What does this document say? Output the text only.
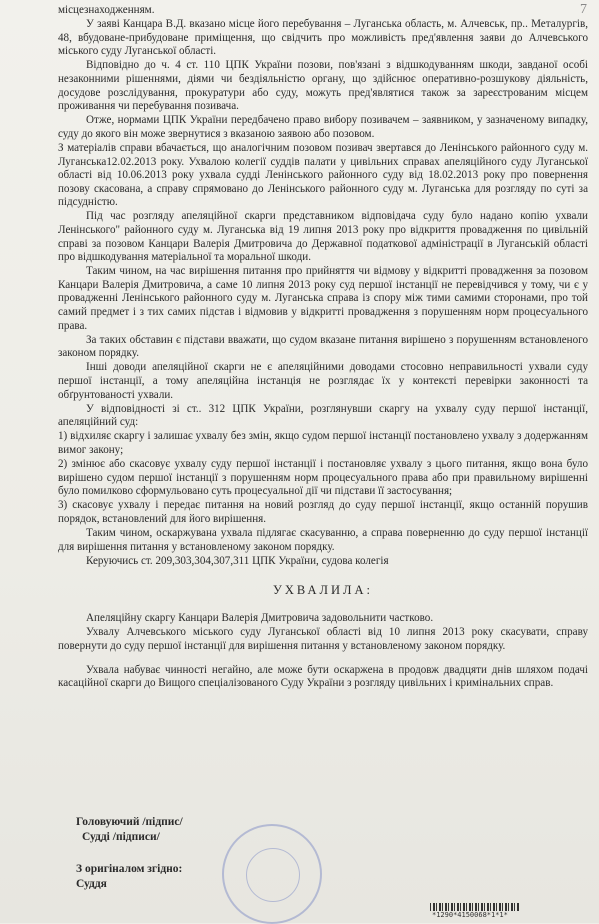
7
місцезнаходженням.
У заяві Канцара В.Д. вказано місце його перебування – Луганська область, м. Алчевськ, пр.. Металургів, 48, вбудоване-прибудоване приміщення, що свідчить про можливість пред'явлення заяви до Алчевського міського суду Луганської області.
Відповідно до ч. 4 ст. 110 ЦПК України позови, пов'язані з відшкодуванням шкоди, завданої особі незаконними рішеннями, діями чи бездіяльністю органу, що здійснює оперативно-розшукову діяльність, досудове розслідування, прокуратури або суду, можуть пред'являтися також за зареєстрованим місцем проживання чи перебування позивача.
Отже, нормами ЦПК України передбачено право вибору позивачем – заявником, у зазначеному випадку, суду до якого він може звернутися з вказаною заявою або позовом.
З матеріалів справи вбачається, що аналогічним позовом позивач звертався до Ленінського районного суду м. Луганська12.02.2013 року. Ухвалою колегії суддів палати у цивільних справах апеляційного суду Луганської області від 10.06.2013 року ухвала судді Ленінського районного суду від 18.02.2013 року про повернення позову скасована, а справу спрямовано до Ленінського районного суду м. Луганська для розгляду по суті за підсудністю.
Під час розгляду апеляційної скарги представником відповідача суду було надано копію ухвали Ленінського" районного суду м. Луганська від 19 липня 2013 року про відкриття провадження по цивільній справі за позовом Канцари Валерія Дмитровича до Державної податкової адміністрації в Луганській області про відшкодування матеріальної та моральної шкоди.
Таким чином, на час вирішення питання про прийняття чи відмову у відкритті провадження за позовом Канцари Валерія Дмитровича, а саме 10 липня 2013 року суд першої інстанції не перевідчився у тому, чи є у провадженні Ленінського районного суду м. Луганська справа із спору між тими самими сторонами, про той самий предмет і з тих самих підстав і відмовив у відкритті провадження з порушенням норм процесуального права.
За таких обставин є підстави вважати, що судом вказане питання вирішено з порушенням встановленого законом порядку.
Інші доводи апеляційної скарги не є апеляційними доводами стосовно неправильності ухвали суду першої інстанції, а тому апеляційна інстанція не розглядає їх у контексті перевірки законності та обґрунтованості ухвали.
У відповідності зі ст.. 312 ЦПК України, розглянувши скаргу на ухвалу суду першої інстанції, апеляційний суд:
1) відхиляє скаргу і залишає ухвалу без змін, якщо судом першої інстанції постановлено ухвалу з додержанням вимог закону;
2) змінює або скасовує ухвалу суду першої інстанції і постановляє ухвалу з цього питання, якщо вона було вирішено судом першої інстанції з порушенням норм процесуального права або при правильному вирішенні було помилково сформульовано суть процесуальної дії чи підстави її застосування;
3) скасовує ухвалу і передає питання на новий розгляд до суду першої інстанції, якщо останній порушив порядок, встановлений для його вирішення.
Таким чином, оскаржувана ухвала підлягає скасуванню, а справа поверненню до суду першої інстанції для вирішення питання у встановленому законом порядку.
Керуючись ст. 209,303,304,307,311 ЦПК України, судова колегія
УХВАЛИЛА:
Апеляційну скаргу Канцари Валерія Дмитровича задовольнити частково.
Ухвалу Алчевського міського суду Луганської області від 10 липня 2013 року скасувати, справу повернути до суду першої інстанції для вирішення питання у встановленому законом порядку.
Ухвала набуває чинності негайно, але може бути оскаржена в продовж двадцяти днів шляхом подачі касаційної скарги до Вищого спеціалізованого Суду України з розгляду цивільних і кримінальних справ.
Головуючий /підпис/
Судді /підписи/
З оригіналом згідно:
Суддя
*1290*4150068*1*1*
